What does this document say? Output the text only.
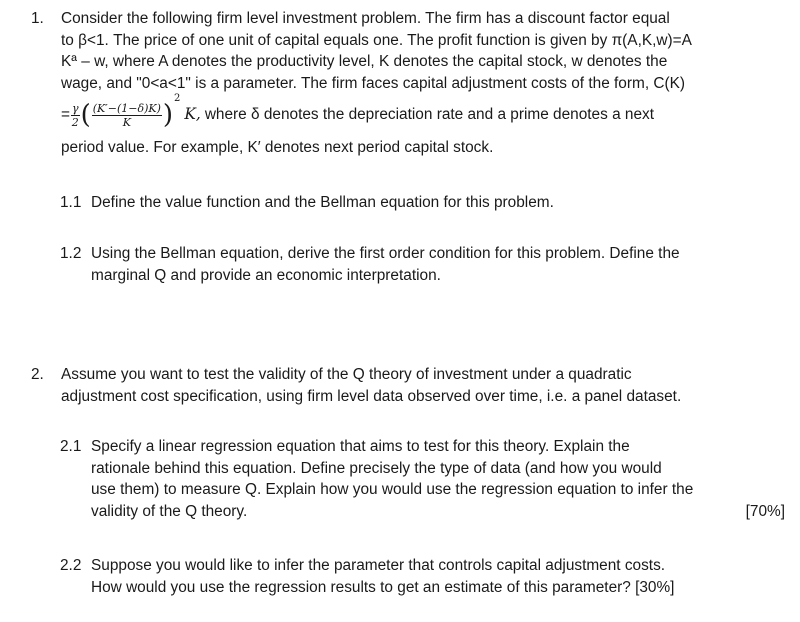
1. Consider the following firm level investment problem. The firm has a discount factor equal
to β<1. The price of one unit of capital equals one. The profit function is given by π(A,K,w)=A
Kª – w, where A denotes the productivity level, K denotes the capital stock, w denotes the
wage, and "0<a<1" is a parameter. The firm faces capital adjustment costs of the form, C(K)
= $\frac{\gamma}{2}$ ( $\frac{(K'-(1-\delta)K)}{K}$ )
2
K, where δ denotes the depreciation rate and a prime denotes a next
period value. For example, K′ denotes next period capital stock.
1.1 Define the value function and the Bellman equation for this problem.
1.2 Using the Bellman equation, derive the first order condition for this problem. Define the
marginal Q and provide an economic interpretation.
2. Assume you want to test the validity of the Q theory of investment under a quadratic
adjustment cost specification, using firm level data observed over time, i.e. a panel dataset.
2.1 Specify a linear regression equation that aims to test for this theory. Explain the
rationale behind this equation. Define precisely the type of data (and how you would
use them) to measure Q. Explain how you would use the regression equation to infer the
validity of the Q theory.	[70%]
2.2 Suppose you would like to infer the parameter that controls capital adjustment costs.
How would you use the regression results to get an estimate of this parameter? [30%]
